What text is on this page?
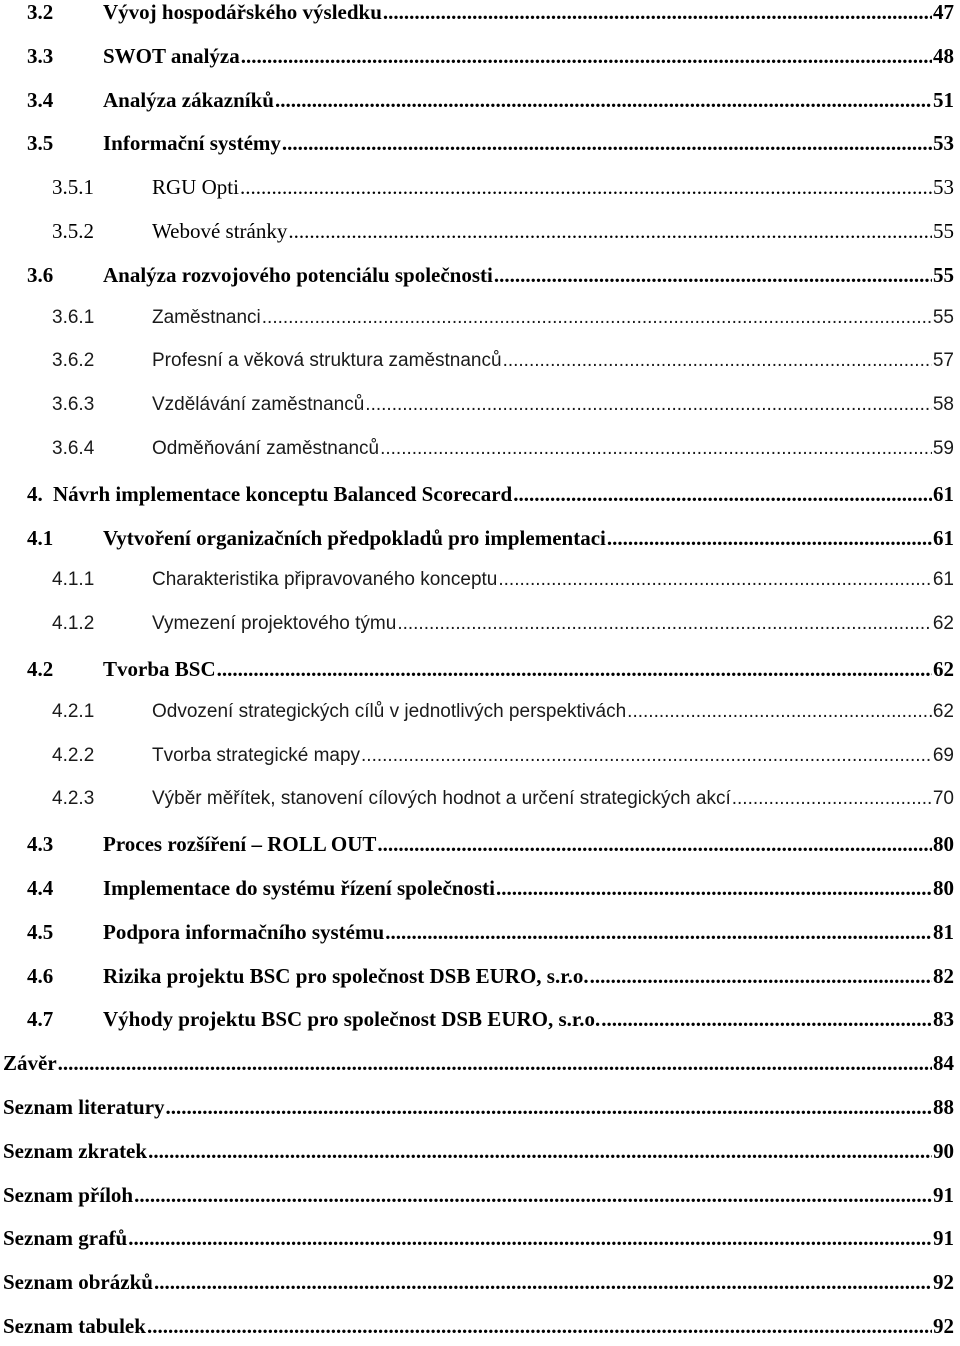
3.2 Vývoj hospodářského výsledku .....	47
3.3 SWOT analýza .....	48
3.4 Analýza zákazníků .....	51
3.5 Informační systémy .....	53
3.5.1	RGU Opti .....	53
3.5.2	Webové stránky .....	55
3.6 Analýza rozvojového potenciálu společnosti .....	55
3.6.1	Zaměstnanci .....	55
3.6.2	Profesní a věková struktura zaměstnanců .....	57
3.6.3	Vzdělávání zaměstnanců .....	58
3.6.4	Odměňování zaměstnanců .....	59
4. Návrh implementace konceptu Balanced Scorecard .....	61
4.1 Vytvoření organizačních předpokladů pro implementaci .....	61
4.1.1	Charakteristika připravovaného konceptu .....	61
4.1.2	Vymezení projektového týmu .....	62
4.2 Tvorba BSC .....	62
4.2.1	Odvození strategických cílů v jednotlivých perspektivách .....	62
4.2.2	Tvorba strategické mapy .....	69
4.2.3	Výběr měřítek, stanovení cílových hodnot a určení strategických akcí .....	70
4.3 Proces rozšíření – ROLL OUT .....	80
4.4 Implementace do systému řízení společnosti .....	80
4.5 Podpora informačního systému .....	81
4.6 Rizika projektu BSC pro společnost DSB EURO, s.r.o. .....	82
4.7 Výhody projektu BSC pro společnost DSB EURO, s.r.o. .....	83
Závěr .....	84
Seznam literatury .....	88
Seznam zkratek .....	90
Seznam příloh .....	91
Seznam grafů .....	91
Seznam obrázků .....	92
Seznam tabulek .....	92
